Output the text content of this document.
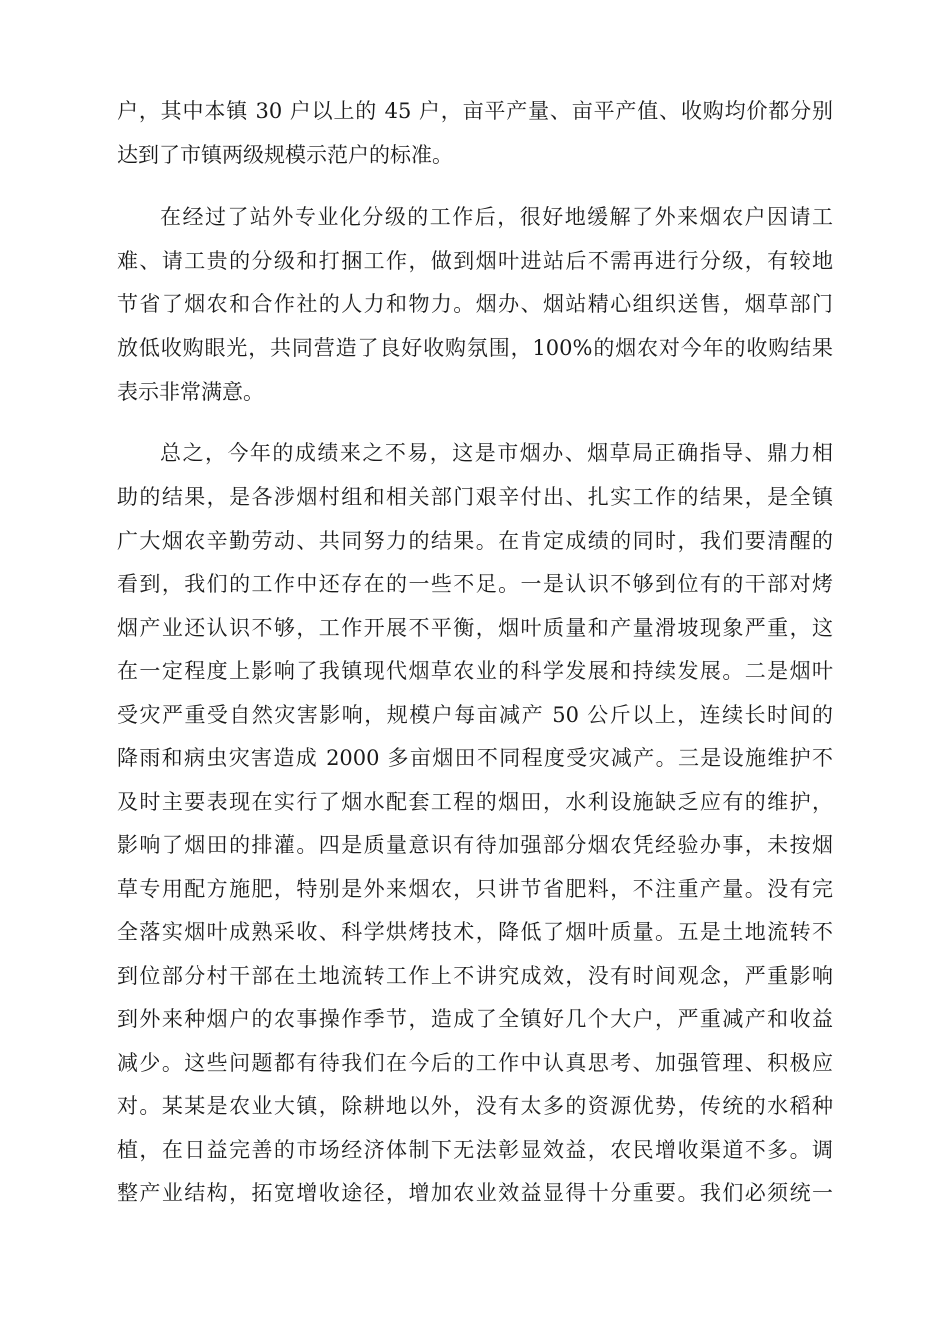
户，其中本镇 30 户以上的 45 户，亩平产量、亩平产值、收购均价都分别
达到了市镇两级规模示范户的标准。
在经过了站外专业化分级的工作后，很好地缓解了外来烟农户因请工
难、请工贵的分级和打捆工作，做到烟叶进站后不需再进行分级，有较地
节省了烟农和合作社的人力和物力。烟办、烟站精心组织送售，烟草部门
放低收购眼光，共同营造了良好收购氛围，100%的烟农对今年的收购结果
表示非常满意。
总之，今年的成绩来之不易，这是市烟办、烟草局正确指导、鼎力相
助的结果，是各涉烟村组和相关部门艰辛付出、扎实工作的结果，是全镇
广大烟农辛勤劳动、共同努力的结果。在肯定成绩的同时，我们要清醒的
看到，我们的工作中还存在的一些不足。一是认识不够到位有的干部对烤
烟产业还认识不够，工作开展不平衡，烟叶质量和产量滑坡现象严重，这
在一定程度上影响了我镇现代烟草农业的科学发展和持续发展。二是烟叶
受灾严重受自然灾害影响，规模户每亩减产 50 公斤以上，连续长时间的
降雨和病虫灾害造成 2000 多亩烟田不同程度受灾减产。三是设施维护不
及时主要表现在实行了烟水配套工程的烟田，水利设施缺乏应有的维护，
影响了烟田的排灌。四是质量意识有待加强部分烟农凭经验办事，未按烟
草专用配方施肥，特别是外来烟农，只讲节省肥料，不注重产量。没有完
全落实烟叶成熟采收、科学烘烤技术，降低了烟叶质量。五是土地流转不
到位部分村干部在土地流转工作上不讲究成效，没有时间观念，严重影响
到外来种烟户的农事操作季节，造成了全镇好几个大户，严重减产和收益
减少。这些问题都有待我们在今后的工作中认真思考、加强管理、积极应
对。某某是农业大镇，除耕地以外，没有太多的资源优势，传统的水稻种
植，在日益完善的市场经济体制下无法彰显效益，农民增收渠道不多。调
整产业结构，拓宽增收途径，增加农业效益显得十分重要。我们必须统一
